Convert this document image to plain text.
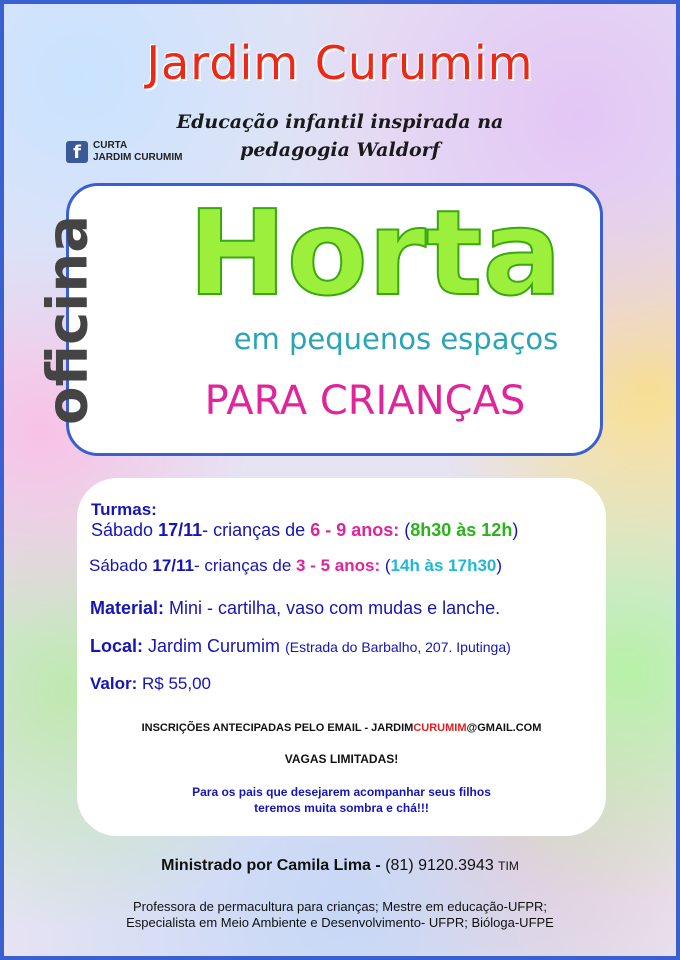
Jardim Curumim
Educação infantil inspirada na
pedagogia Waldorf
f	CURTA
JARDIM CURUMIM
oficina Horta
em pequenos espaços
PARA CRIANÇAS
Turmas:
Sábado 17/11- crianças de 6 - 9 anos: (8h30 às 12h)
Sábado 17/11- crianças de 3 - 5 anos: (14h às 17h30)
Material: Mini - cartilha, vaso com mudas e lanche.
Local: Jardim Curumim (Estrada do Barbalho, 207. Iputinga)
Valor: R$ 55,00
INSCRIÇÕES ANTECIPADAS PELO EMAIL - JARDIMCURUMIM@GMAIL.COM
VAGAS LIMITADAS!
Para os pais que desejarem acompanhar seus filhos
teremos muita sombra e chá!!!
Ministrado por Camila Lima - (81) 9120.3943 TIM
Professora de permacultura para crianças; Mestre em educação-UFPR;
Especialista em Meio Ambiente e Desenvolvimento- UFPR; Bióloga-UFPE
